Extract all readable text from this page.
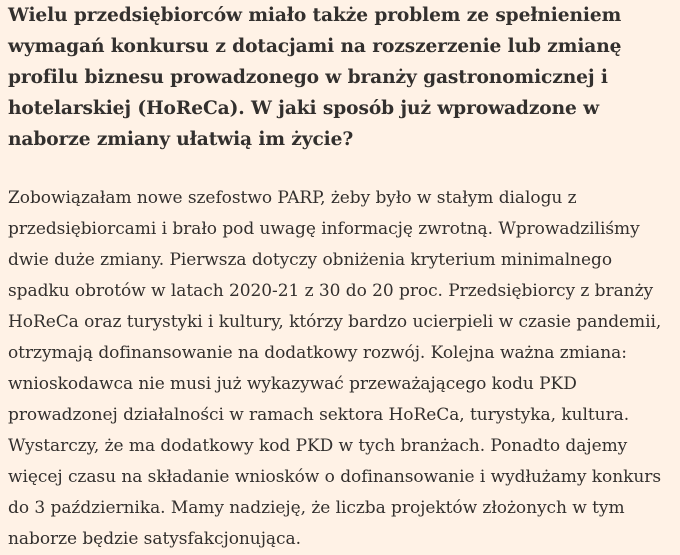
Wielu przedsiębiorców miało także problem ze spełnieniem wymagań konkursu z dotacjami na rozszerzenie lub zmianę profilu biznesu prowadzonego w branży gastronomicznej i hotelarskiej (HoReCa). W jaki sposób już wprowadzone w naborze zmiany ułatwią im życie?

Zobowiązałam nowe szefostwo PARP, żeby było w stałym dialogu z przedsiębiorcami i brało pod uwagę informację zwrotną. Wprowadziliśmy dwie duże zmiany. Pierwsza dotyczy obniżenia kryterium minimalnego spadku obrotów w latach 2020-21 z 30 do 20 proc. Przedsiębiorcy z branży HoReCa oraz turystyki i kultury, którzy bardzo ucierpieli w czasie pandemii, otrzymają dofinansowanie na dodatkowy rozwój. Kolejna ważna zmiana: wnioskodawca nie musi już wykazywać przeważającego kodu PKD prowadzonej działalności w ramach sektora HoReCa, turystyka, kultura. Wystarczy, że ma dodatkowy kod PKD w tych branżach. Ponadto dajemy więcej czasu na składanie wniosków o dofinansowanie i wydłużamy konkurs do 3 października. Mamy nadzieję, że liczba projektów złożonych w tym naborze będzie satysfakcjonująca.
